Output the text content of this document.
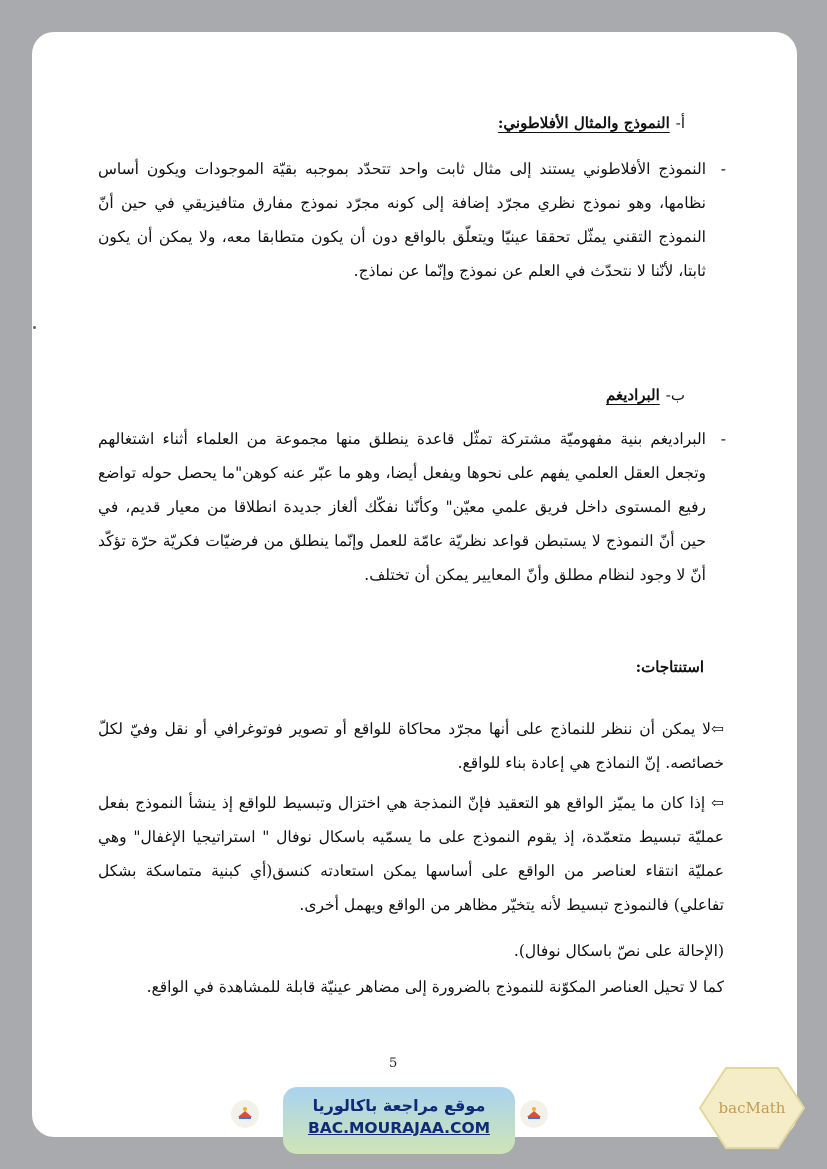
أ-النموذج والمثال الأفلاطوني:
-
النموذج الأفلاطوني يستند إلى مثال ثابت واحد تتحدّد بموجبه بقيّة الموجودات ويكون أساس نظامها، وهو نموذج نظري مجرّد إضافة إلى كونه مجرّد نموذج مفارق متافيزيقي في حين أنّ النموذج التقني يمثّل تحققا عينيّا ويتعلّق بالواقع دون أن يكون متطابقا معه، ولا يمكن أن يكون ثابتا، لأنّنا لا نتحدّث في العلم عن نموذج وإنّما عن نماذج.
ب-البراديغم
-
البراديغم بنية مفهوميّة مشتركة تمثّل قاعدة ينطلق منها مجموعة من العلماء أثناء اشتغالهم وتجعل العقل العلمي يفهم على نحوها ويفعل أيضا، وهو ما عبّر عنه كوهن"ما يحصل حوله تواضع رفيع المستوى داخل فريق علمي معيّن" وكأنّنا نفكّك ألغاز جديدة انطلاقا من معيار قديم، في حين أنّ النموذج لا يستبطن قواعد نظريّة عامّة للعمل وإنّما ينطلق من فرضيّات فكريّة حرّة تؤكّد أنّ لا وجود لنظام مطلق وأنّ المعايير يمكن أن تختلف.
استنتاجات:
⇦لا يمكن أن ننظر للنماذج على أنها مجرّد محاكاة للواقع أو تصوير فوتوغرافي أو نقل وفيّ لكلّ خصائصه. إنّ النماذج هي إعادة بناء للواقع.
⇦ إذا كان ما يميّز الواقع هو التعقيد فإنّ النمذجة هي اختزال وتبسيط للواقع إذ ينشأ النموذج بفعل عمليّة تبسيط متعمّدة، إذ يقوم النموذج على ما يسمّيه باسكال نوفال " استراتيجيا الإغفال" وهي عمليّة انتقاء لعناصر من الواقع على أساسها يمكن استعادته كنسق(أي كبنية متماسكة بشكل تفاعلي) فالنموذج تبسيط لأنه يتخيّر مظاهر من الواقع ويهمل أخرى.
(الإحالة على نصّ باسكال نوفال).
كما لا تحيل العناصر المكوّنة للنموذج بالضرورة إلى مضاهر عينيّة قابلة للمشاهدة في الواقع.
5
موقع مراجعة باكالوريا
BAC.MOURAJAA.COM
bacMath
